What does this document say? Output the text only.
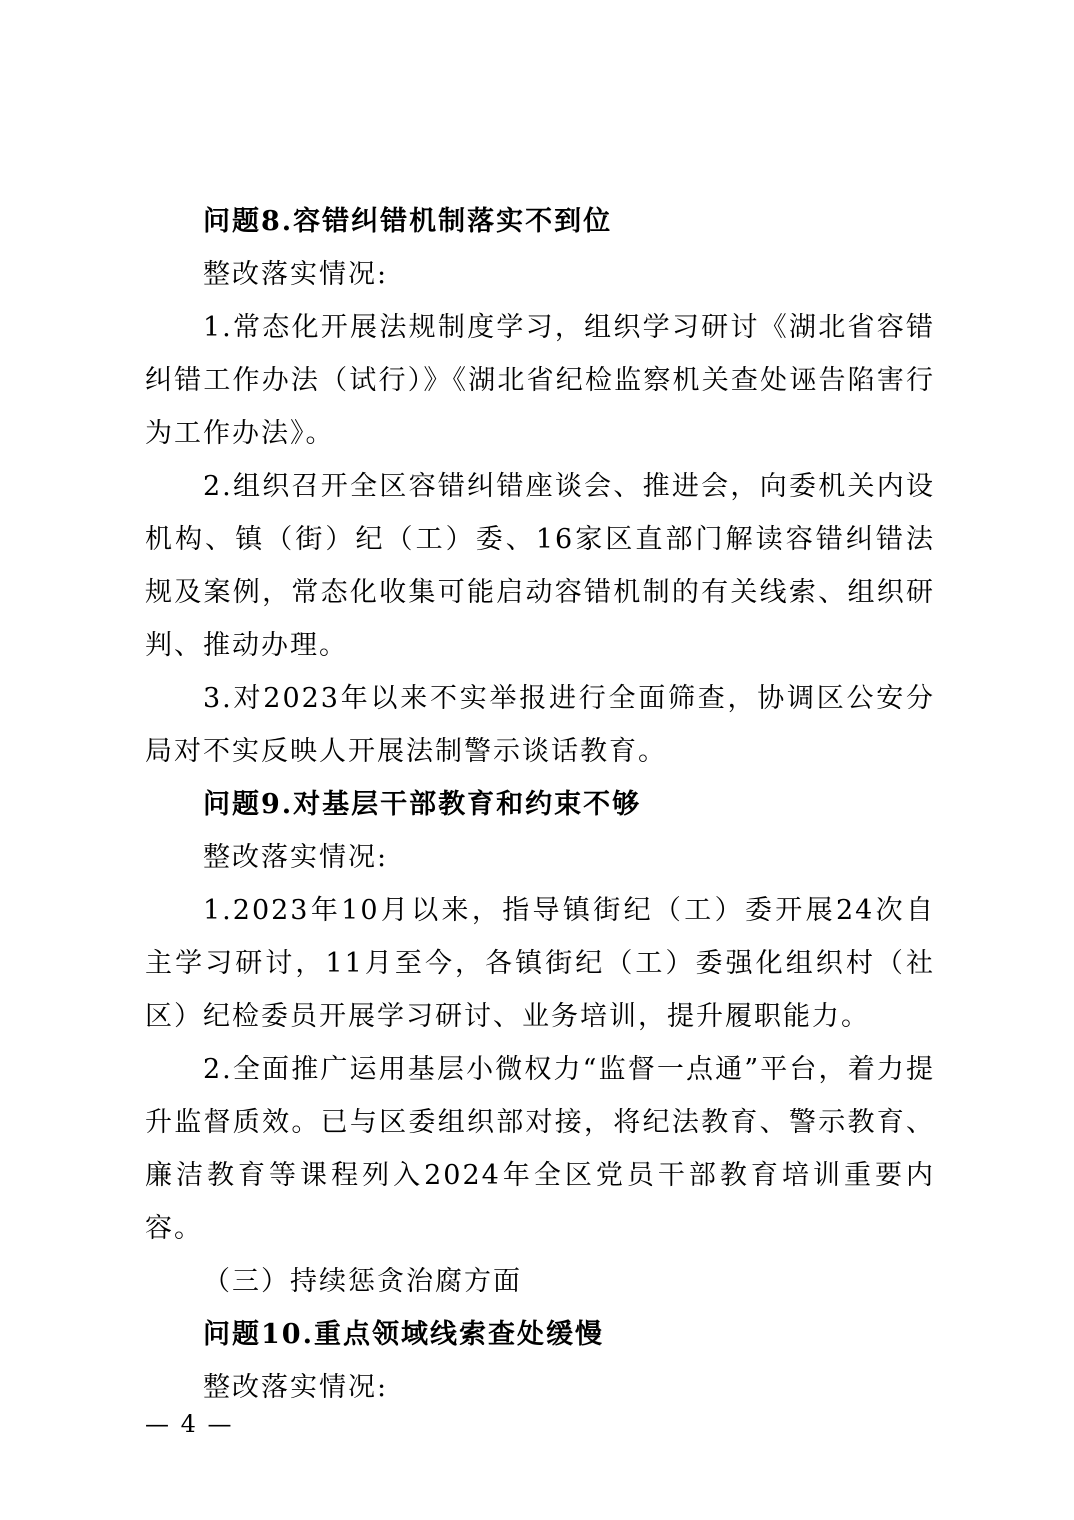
问题8.容错纠错机制落实不到位

整改落实情况:

1.常态化开展法规制度学习，组织学习研讨《湖北省容错纠错工作办法（试行）》《湖北省纪检监察机关查处诬告陷害行为工作办法》。

2.组织召开全区容错纠错座谈会、推进会，向委机关内设机构、镇（街）纪（工）委、16家区直部门解读容错纠错法规及案例，常态化收集可能启动容错机制的有关线索、组织研判、推动办理。

3.对2023年以来不实举报进行全面筛查，协调区公安分局对不实反映人开展法制警示谈话教育。

问题9.对基层干部教育和约束不够

整改落实情况:

1.2023年10月以来，指导镇街纪（工）委开展24次自主学习研讨，11月至今，各镇街纪（工）委强化组织村（社区）纪检委员开展学习研讨、业务培训，提升履职能力。

2.全面推广运用基层小微权力“监督一点通”平台，着力提升监督质效。已与区委组织部对接，将纪法教育、警示教育、廉洁教育等课程列入2024年全区党员干部教育培训重要内容。

（三）持续惩贪治腐方面

问题10.重点领域线索查处缓慢

整改落实情况:

— 4 —
